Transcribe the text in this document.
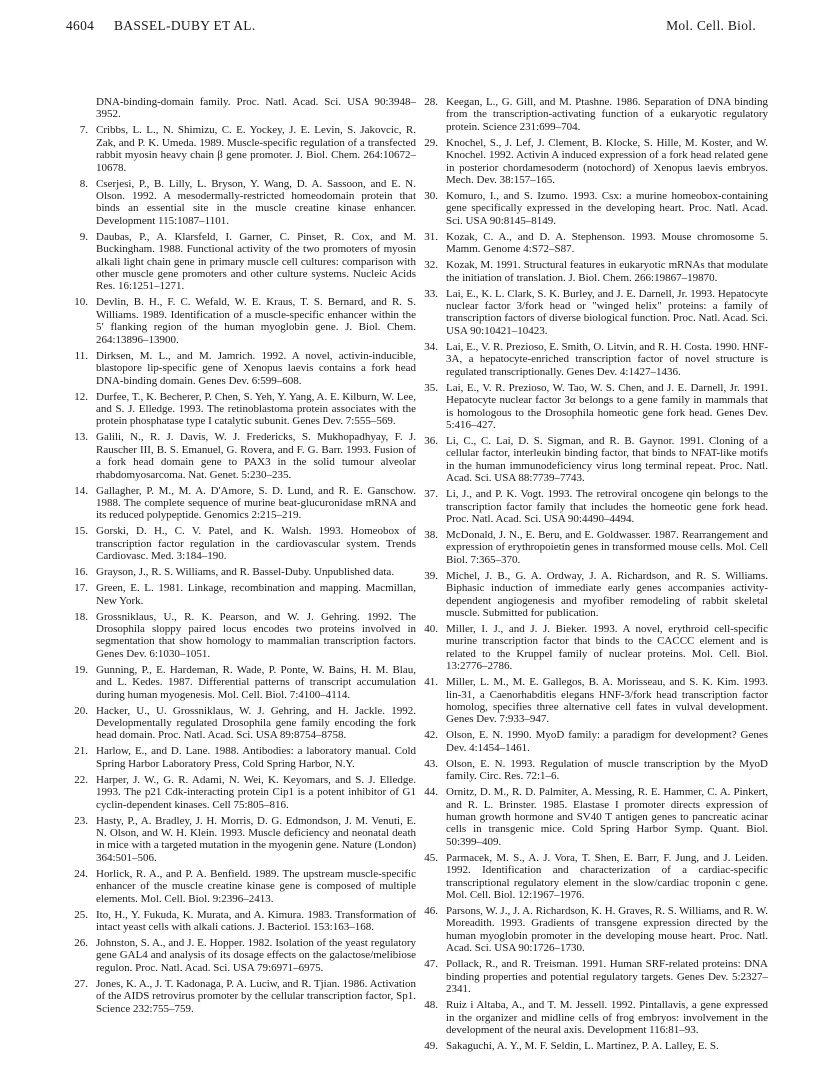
4604 BASSEL-DUBY ET AL.	Mol. Cell. Biol.
DNA-binding-domain family. Proc. Natl. Acad. Sci. USA 90:3948–3952.
7. Cribbs, L. L., N. Shimizu, C. E. Yockey, J. E. Levin, S. Jakovcic, R. Zak, and P. K. Umeda. 1989. Muscle-specific regulation of a transfected rabbit myosin heavy chain β gene promoter. J. Biol. Chem. 264:10672–10678.
8. Cserjesi, P., B. Lilly, L. Bryson, Y. Wang, D. A. Sassoon, and E. N. Olson. 1992. A mesodermally-restricted homeodomain protein that binds an essential site in the muscle creatine kinase enhancer. Development 115:1087–1101.
9. Daubas, P., A. Klarsfeld, I. Garner, C. Pinset, R. Cox, and M. Buckingham. 1988. Functional activity of the two promoters of myosin alkali light chain gene in primary muscle cell cultures: comparison with other muscle gene promoters and other culture systems. Nucleic Acids Res. 16:1251–1271.
10. Devlin, B. H., F. C. Wefald, W. E. Kraus, T. S. Bernard, and R. S. Williams. 1989. Identification of a muscle-specific enhancer within the 5′ flanking region of the human myoglobin gene. J. Biol. Chem. 264:13896–13900.
11. Dirksen, M. L., and M. Jamrich. 1992. A novel, activin-inducible, blastopore lip-specific gene of Xenopus laevis contains a fork head DNA-binding domain. Genes Dev. 6:599–608.
12. Durfee, T., K. Becherer, P. Chen, S. Yeh, Y. Yang, A. E. Kilburn, W. Lee, and S. J. Elledge. 1993. The retinoblastoma protein associates with the protein phosphatase type I catalytic subunit. Genes Dev. 7:555–569.
13. Galili, N., R. J. Davis, W. J. Fredericks, S. Mukhopadhyay, F. J. Rauscher III, B. S. Emanuel, G. Rovera, and F. G. Barr. 1993. Fusion of a fork head domain gene to PAX3 in the solid tumour alveolar rhabdomyosarcoma. Nat. Genet. 5:230–235.
14. Gallagher, P. M., M. A. D'Amore, S. D. Lund, and R. E. Ganschow. 1988. The complete sequence of murine beat-glucuronidase mRNA and its reduced polypeptide. Genomics 2:215–219.
15. Gorski, D. H., C. V. Patel, and K. Walsh. 1993. Homeobox of transcription factor regulation in the cardiovascular system. Trends Cardiovasc. Med. 3:184–190.
16. Grayson, J., R. S. Williams, and R. Bassel-Duby. Unpublished data.
17. Green, E. L. 1981. Linkage, recombination and mapping. Macmillan, New York.
18. Grossniklaus, U., R. K. Pearson, and W. J. Gehring. 1992. The Drosophila sloppy paired locus encodes two proteins involved in segmentation that show homology to mammalian transcription factors. Genes Dev. 6:1030–1051.
19. Gunning, P., E. Hardeman, R. Wade, P. Ponte, W. Bains, H. M. Blau, and L. Kedes. 1987. Differential patterns of transcript accumulation during human myogenesis. Mol. Cell. Biol. 7:4100–4114.
20. Hacker, U., U. Grossniklaus, W. J. Gehring, and H. Jackle. 1992. Developmentally regulated Drosophila gene family encoding the fork head domain. Proc. Natl. Acad. Sci. USA 89:8754–8758.
21. Harlow, E., and D. Lane. 1988. Antibodies: a laboratory manual. Cold Spring Harbor Laboratory Press, Cold Spring Harbor, N.Y.
22. Harper, J. W., G. R. Adami, N. Wei, K. Keyomars, and S. J. Elledge. 1993. The p21 Cdk-interacting protein Cip1 is a potent inhibitor of G1 cyclin-dependent kinases. Cell 75:805–816.
23. Hasty, P., A. Bradley, J. H. Morris, D. G. Edmondson, J. M. Venuti, E. N. Olson, and W. H. Klein. 1993. Muscle deficiency and neonatal death in mice with a targeted mutation in the myogenin gene. Nature (London) 364:501–506.
24. Horlick, R. A., and P. A. Benfield. 1989. The upstream muscle-specific enhancer of the muscle creatine kinase gene is composed of multiple elements. Mol. Cell. Biol. 9:2396–2413.
25. Ito, H., Y. Fukuda, K. Murata, and A. Kimura. 1983. Transformation of intact yeast cells with alkali cations. J. Bacteriol. 153:163–168.
26. Johnston, S. A., and J. E. Hopper. 1982. Isolation of the yeast regulatory gene GAL4 and analysis of its dosage effects on the galactose/melibiose regulon. Proc. Natl. Acad. Sci. USA 79:6971–6975.
27. Jones, K. A., J. T. Kadonaga, P. A. Luciw, and R. Tjian. 1986. Activation of the AIDS retrovirus promoter by the cellular transcription factor, Sp1. Science 232:755–759.
28. Keegan, L., G. Gill, and M. Ptashne. 1986. Separation of DNA binding from the transcription-activating function of a eukaryotic regulatory protein. Science 231:699–704.
29. Knochel, S., J. Lef, J. Clement, B. Klocke, S. Hille, M. Koster, and W. Knochel. 1992. Activin A induced expression of a fork head related gene in posterior chordamesoderm (notochord) of Xenopus laevis embryos. Mech. Dev. 38:157–165.
30. Komuro, I., and S. Izumo. 1993. Csx: a murine homeobox-containing gene specifically expressed in the developing heart. Proc. Natl. Acad. Sci. USA 90:8145–8149.
31. Kozak, C. A., and D. A. Stephenson. 1993. Mouse chromosome 5. Mamm. Genome 4:S72–S87.
32. Kozak, M. 1991. Structural features in eukaryotic mRNAs that modulate the initiation of translation. J. Biol. Chem. 266:19867–19870.
33. Lai, E., K. L. Clark, S. K. Burley, and J. E. Darnell, Jr. 1993. Hepatocyte nuclear factor 3/fork head or "winged helix" proteins: a family of transcription factors of diverse biological function. Proc. Natl. Acad. Sci. USA 90:10421–10423.
34. Lai, E., V. R. Prezioso, E. Smith, O. Litvin, and R. H. Costa. 1990. HNF-3A, a hepatocyte-enriched transcription factor of novel structure is regulated transcriptionally. Genes Dev. 4:1427–1436.
35. Lai, E., V. R. Prezioso, W. Tao, W. S. Chen, and J. E. Darnell, Jr. 1991. Hepatocyte nuclear factor 3α belongs to a gene family in mammals that is homologous to the Drosophila homeotic gene fork head. Genes Dev. 5:416–427.
36. Li, C., C. Lai, D. S. Sigman, and R. B. Gaynor. 1991. Cloning of a cellular factor, interleukin binding factor, that binds to NFAT-like motifs in the human immunodeficiency virus long terminal repeat. Proc. Natl. Acad. Sci. USA 88:7739–7743.
37. Li, J., and P. K. Vogt. 1993. The retroviral oncogene qin belongs to the transcription factor family that includes the homeotic gene fork head. Proc. Natl. Acad. Sci. USA 90:4490–4494.
38. McDonald, J. N., E. Beru, and E. Goldwasser. 1987. Rearrangement and expression of erythropoietin genes in transformed mouse cells. Mol. Cell Biol. 7:365–370.
39. Michel, J. B., G. A. Ordway, J. A. Richardson, and R. S. Williams. Biphasic induction of immediate early genes accompanies activity-dependent angiogenesis and myofiber remodeling of rabbit skeletal muscle. Submitted for publication.
40. Miller, I. J., and J. J. Bieker. 1993. A novel, erythroid cell-specific murine transcription factor that binds to the CACCC element and is related to the Kruppel family of nuclear proteins. Mol. Cell. Biol. 13:2776–2786.
41. Miller, L. M., M. E. Gallegos, B. A. Morisseau, and S. K. Kim. 1993. lin-31, a Caenorhabditis elegans HNF-3/fork head transcription factor homolog, specifies three alternative cell fates in vulval development. Genes Dev. 7:933–947.
42. Olson, E. N. 1990. MyoD family: a paradigm for development? Genes Dev. 4:1454–1461.
43. Olson, E. N. 1993. Regulation of muscle transcription by the MyoD family. Circ. Res. 72:1–6.
44. Ornitz, D. M., R. D. Palmiter, A. Messing, R. E. Hammer, C. A. Pinkert, and R. L. Brinster. 1985. Elastase I promoter directs expression of human growth hormone and SV40 T antigen genes to pancreatic acinar cells in transgenic mice. Cold Spring Harbor Symp. Quant. Biol. 50:399–409.
45. Parmacek, M. S., A. J. Vora, T. Shen, E. Barr, F. Jung, and J. Leiden. 1992. Identification and characterization of a cardiac-specific transcriptional regulatory element in the slow/cardiac troponin c gene. Mol. Cell. Biol. 12:1967–1976.
46. Parsons, W. J., J. A. Richardson, K. H. Graves, R. S. Williams, and R. W. Moreadith. 1993. Gradients of transgene expression directed by the human myoglobin promoter in the developing mouse heart. Proc. Natl. Acad. Sci. USA 90:1726–1730.
47. Pollack, R., and R. Treisman. 1991. Human SRF-related proteins: DNA binding properties and potential regulatory targets. Genes Dev. 5:2327–2341.
48. Ruiz i Altaba, A., and T. M. Jessell. 1992. Pintallavis, a gene expressed in the organizer and midline cells of frog embryos: involvement in the development of the neural axis. Development 116:81–93.
49. Sakaguchi, A. Y., M. F. Seldin, L. Martinez, P. A. Lalley, E. S.
